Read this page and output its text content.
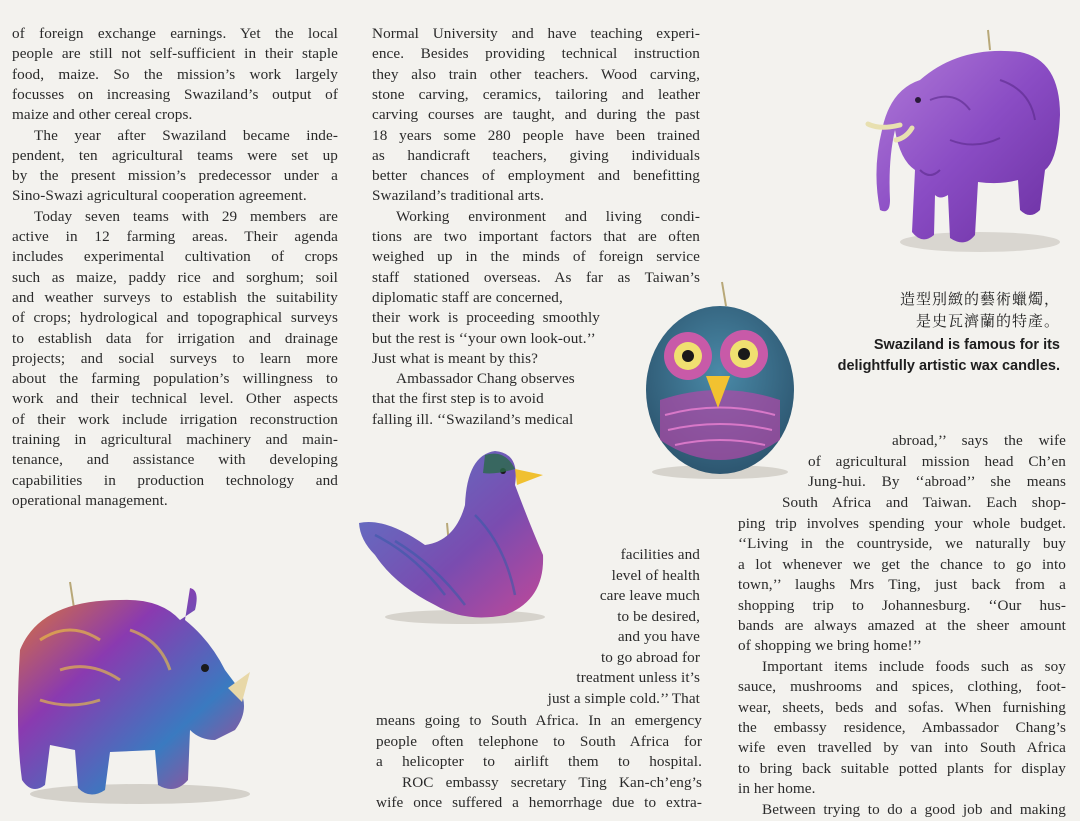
of foreign exchange earnings. Yet the local
people are still not self-sufficient in their staple
food, maize. So the mission’s work largely
focusses on increasing Swaziland’s output of
maize and other cereal crops.
The year after Swaziland became inde-
pendent, ten agricultural teams were set up
by the present mission’s predecessor under a
Sino-Swazi agricultural cooperation agreement.
Today seven teams with 29 members are
active in 12 farming areas. Their agenda
includes experimental cultivation of crops
such as maize, paddy rice and sorghum; soil
and weather surveys to establish the suitability
of crops; hydrological and topographical surveys
to establish data for irrigation and drainage
projects; and social surveys to learn more
about the farming population’s willingness to
work and their technical level. Other aspects
of their work include irrigation reconstruction
training in agricultural machinery and main-
tenance, and assistance with developing
capabilities in production technology and
operational management.
Normal University and have teaching experi-
ence. Besides providing technical instruction
they also train other teachers. Wood carving,
stone carving, ceramics, tailoring and leather
carving courses are taught, and during the past
18 years some 280 people have been trained
as handicraft teachers, giving individuals
better chances of employment and benefitting
Swaziland’s traditional arts.
Working environment and living condi-
tions are two important factors that are often
weighed up in the minds of foreign service
staff stationed overseas. As far as Taiwan’s
diplomatic staff are concerned,
their work is proceeding smoothly
but the rest is ‘‘your own look-out.’’
Just what is meant by this?
Ambassador Chang observes
that the first step is to avoid
falling ill. ‘‘Swaziland’s medical
facilities and
level of health
care leave much
to be desired,
and you have
to go abroad for
treatment unless it’s
just a simple cold.’’ That
means going to South Africa. In an emergency
people often telephone to South Africa for
a helicopter to airlift them to hospital.
ROC embassy secretary Ting Kan-ch’eng’s
wife once suffered a hemorrhage due to extra-
abroad,’’ says the wife
of agricultural mission head Ch’en
Jung-hui. By ‘‘abroad’’ she means
South Africa and Taiwan. Each shop-
ping trip involves spending your whole budget.
‘‘Living in the countryside, we naturally buy
a lot whenever we get the chance to go into
town,’’ laughs Mrs Ting, just back from a
shopping trip to Johannesburg. ‘‘Our hus-
bands are always amazed at the sheer amount
of shopping we bring home!’’
Important items include foods such as soy
sauce, mushrooms and spices, clothing, foot-
wear, sheets, beds and sofas. When furnishing
the embassy residence, Ambassador Chang’s
wife even travelled by van into South Africa
to bring back suitable potted plants for display
in her home.
Between trying to do a good job and making
造型別緻的藝術蠟燭，
是史瓦濟蘭的特產。
Swaziland is famous for its
delightfully artistic wax candles.
